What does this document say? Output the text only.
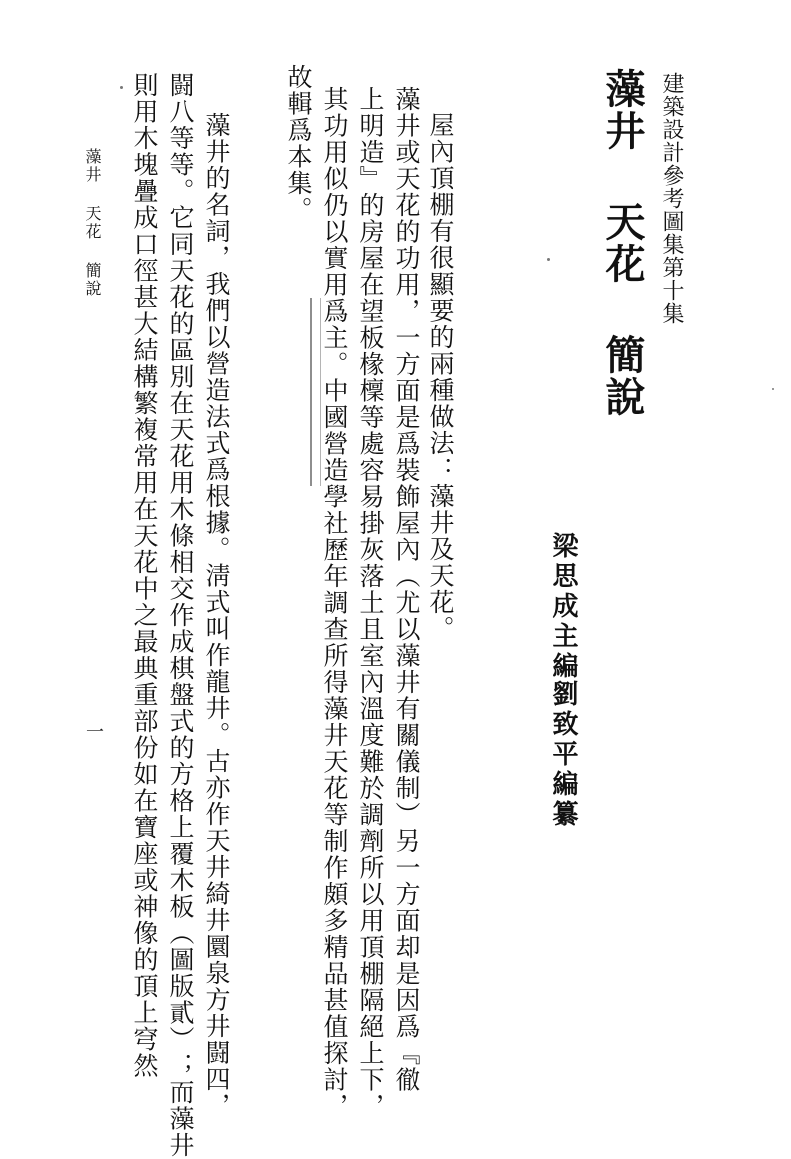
建築設計參考圖集第十集
藻井 天花 簡說
梁思成主編
劉致平編纂
屋內頂棚有很顯要的兩種做法：藻井及天花。
藻井或天花的功用，一方面是爲裝飾屋內（尤以藻井有關儀制）另一方面却是因爲『徹
上明造』的房屋在望板椽檁等處容易掛灰落土且室內溫度難於調劑所以用頂棚隔絕上下，
其功用似仍以實用爲主。中國營造學社歷年調查所得藻井天花等制作頗多精品甚值探討，
故輯爲本集。
藻井的名詞，我們以營造法式爲根據。淸式叫作龍井。古亦作天井綺井圜泉方井闘四，
闘八等等。它同天花的區別在天花用木條相交作成棋盤式的方格上覆木板（圖版貳）；而藻井
則用木塊疊成口徑甚大結構繁複常用在天花中之最典重部份如在寶座或神像的頂上穹然
藻井 天花 簡說
一
